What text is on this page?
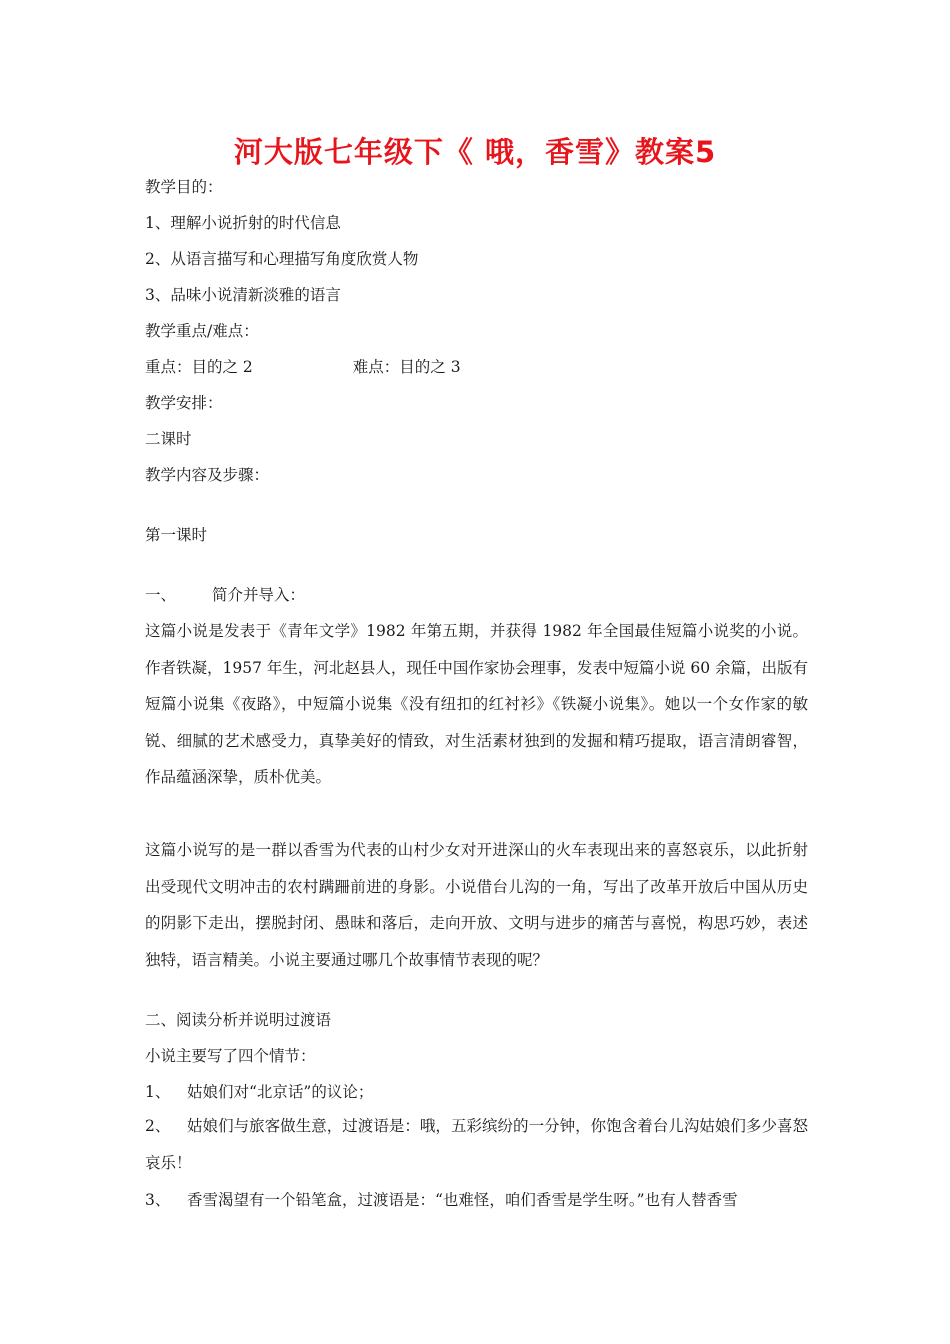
河大版七年级下《 哦，香雪》教案5
教学目的：
1、理解小说折射的时代信息
2、从语言描写和心理描写角度欣赏人物
3、品味小说清新淡雅的语言
教学重点/难点：
重点：目的之 2	难点：目的之 3
教学安排：
二课时
教学内容及步骤：
第一课时
一、 简介并导入：
这篇小说是发表于《青年文学》1982 年第五期，并获得 1982 年全国最佳短篇小说奖的小说。作者铁凝，1957 年生，河北赵县人，现任中国作家协会理事，发表中短篇小说 60 余篇，出版有短篇小说集《夜路》，中短篇小说集《没有纽扣的红衬衫》《铁凝小说集》。她以一个女作家的敏锐、细腻的艺术感受力，真挚美好的情致，对生活素材独到的发掘和精巧提取，语言清朗睿智，作品蕴涵深挚，质朴优美。
这篇小说写的是一群以香雪为代表的山村少女对开进深山的火车表现出来的喜怒哀乐，以此折射出受现代文明冲击的农村蹒跚前进的身影。小说借台儿沟的一角，写出了改革开放后中国从历史的阴影下走出，摆脱封闭、愚昧和落后，走向开放、文明与进步的痛苦与喜悦，构思巧妙，表述独特，语言精美。小说主要通过哪几个故事情节表现的呢？
二、阅读分析并说明过渡语
小说主要写了四个情节：
1、 姑娘们对“北京话”的议论；
2、 姑娘们与旅客做生意，过渡语是：哦，五彩缤纷的一分钟，你饱含着台儿沟姑娘们多少喜怒哀乐！
3、 香雪渴望有一个铅笔盒，过渡语是：“也难怪，咱们香雪是学生呀。”也有人替香雪
